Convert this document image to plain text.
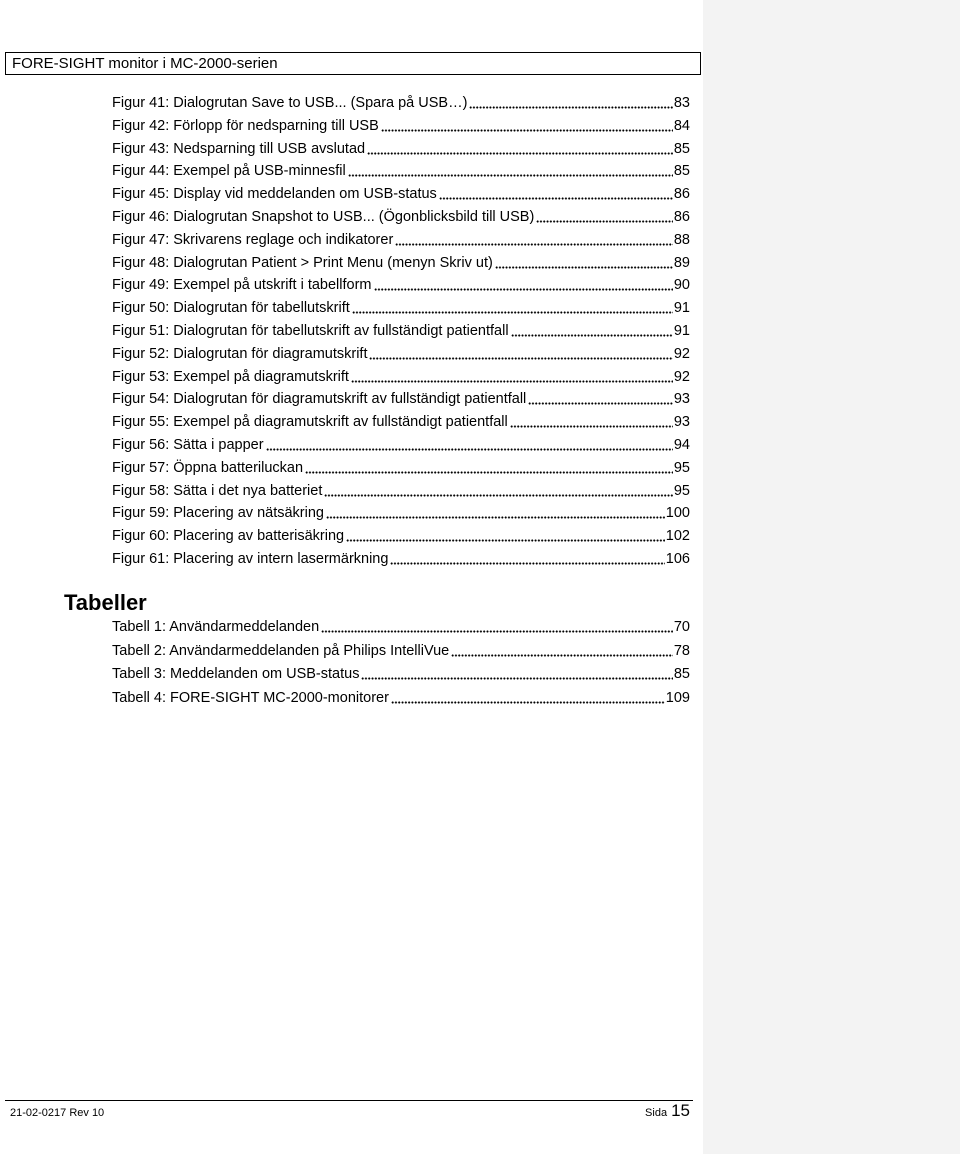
FORE-SIGHT monitor i MC-2000-serien
Figur 41: Dialogrutan Save to USB... (Spara på USB…)	83
Figur 42: Förlopp för nedsparning till USB	84
Figur 43: Nedsparning till USB avslutad	85
Figur 44: Exempel på USB-minnesfil	85
Figur 45: Display vid meddelanden om USB-status	86
Figur 46: Dialogrutan Snapshot to USB... (Ögonblicksbild till USB)	86
Figur 47: Skrivarens reglage och indikatorer	88
Figur 48: Dialogrutan Patient > Print Menu (menyn Skriv ut)	89
Figur 49: Exempel på utskrift i tabellform	90
Figur 50: Dialogrutan för tabellutskrift	91
Figur 51: Dialogrutan för tabellutskrift av fullständigt patientfall	91
Figur 52: Dialogrutan för diagramutskrift	92
Figur 53: Exempel på diagramutskrift	92
Figur 54: Dialogrutan för diagramutskrift av fullständigt patientfall	93
Figur 55: Exempel på diagramutskrift av fullständigt patientfall	93
Figur 56: Sätta i papper	94
Figur 57: Öppna batteriluckan	95
Figur 58: Sätta i det nya batteriet	95
Figur 59: Placering av nätsäkring	100
Figur 60: Placering av batterisäkring	102
Figur 61: Placering av intern lasermärkning	106
Tabeller
Tabell 1: Användarmeddelanden	70
Tabell 2: Användarmeddelanden på Philips IntelliVue	78
Tabell 3: Meddelanden om USB-status	85
Tabell 4: FORE-SIGHT MC-2000-monitorer	109
21-02-0217 Rev 10	Sida 15
